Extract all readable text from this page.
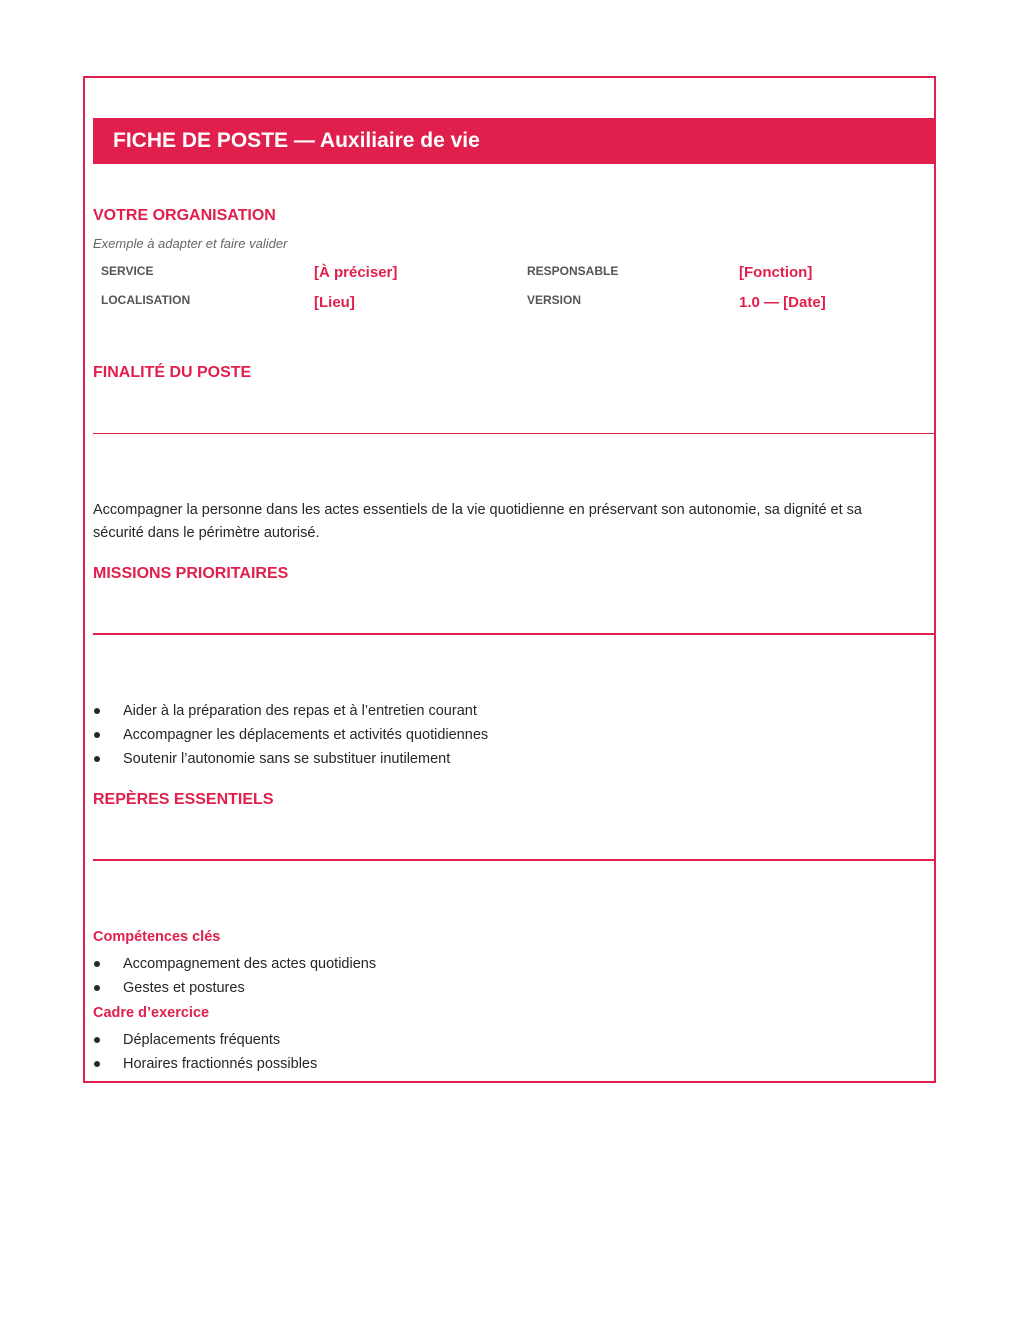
FICHE DE POSTE — Auxiliaire de vie
VOTRE ORGANISATION
Exemple à adapter et faire valider
SERVICE	[À préciser]	RESPONSABLE	[Fonction]
LOCALISATION	[Lieu]	VERSION	1.0 — [Date]
FINALITÉ DU POSTE
Accompagner la personne dans les actes essentiels de la vie quotidienne en préservant son autonomie, sa dignité et sa sécurité dans le périmètre autorisé.
MISSIONS PRIORITAIRES
Aider à la préparation des repas et à l’entretien courant
Accompagner les déplacements et activités quotidiennes
Soutenir l’autonomie sans se substituer inutilement
REPÈRES ESSENTIELS
Compétences clés
Accompagnement des actes quotidiens
Gestes et postures
Cadre d’exercice
Déplacements fréquents
Horaires fractionnés possibles
